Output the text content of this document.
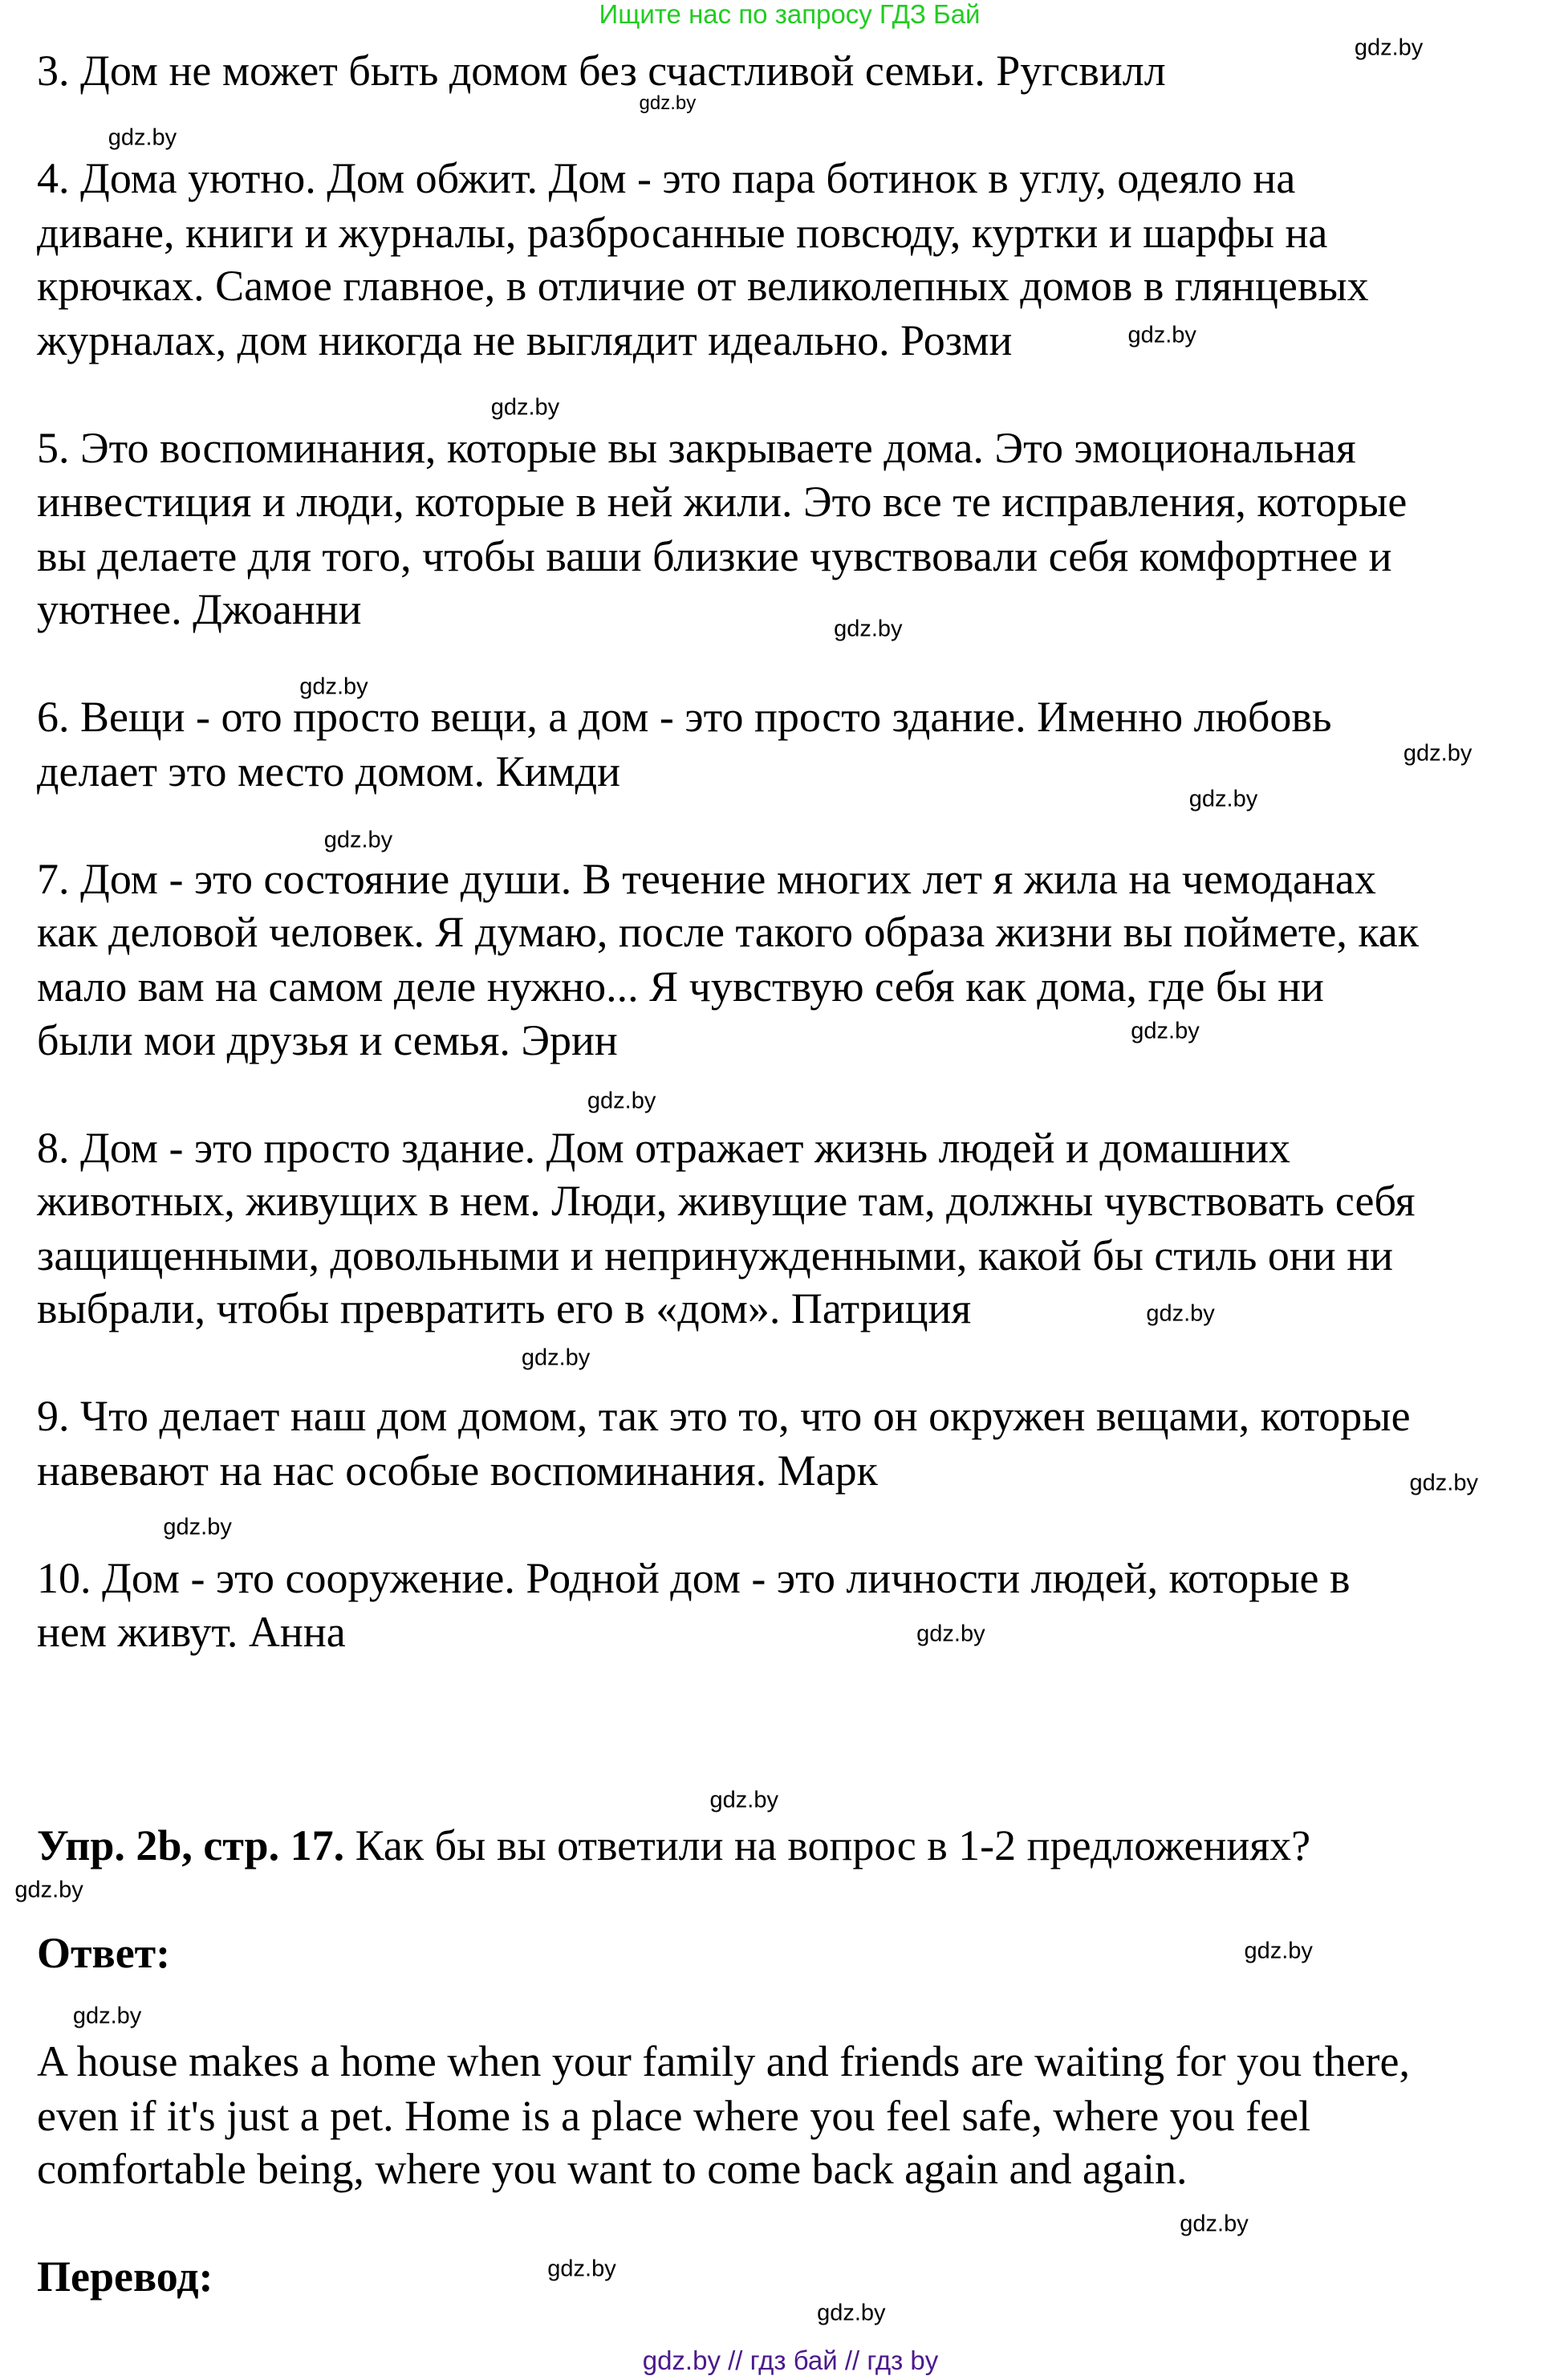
Ищите нас по запросу ГДЗ Бай
3. Дом не может быть домом без счастливой семьи. Ругсвилл
4. Дома уютно. Дом обжит. Дом - это пара ботинок в углу, одеяло на
диване, книги и журналы, разбросанные повсюду, куртки и шарфы на
крючках. Самое главное, в отличие от великолепных домов в глянцевых
журналах, дом никогда не выглядит идеально. Розми
5. Это воспоминания, которые вы закрываете дома. Это эмоциональная
инвестиция и люди, которые в ней жили. Это все те исправления, которые
вы делаете для того, чтобы ваши близкие чувствовали себя комфортнее и
уютнее. Джоанни
6. Вещи - ото просто вещи, а дом - это просто здание. Именно любовь
делает это место домом. Кимди
7. Дом - это состояние души. В течение многих лет я жила на чемоданах
как деловой человек. Я думаю, после такого образа жизни вы поймете, как
мало вам на самом деле нужно... Я чувствую себя как дома, где бы ни
были мои друзья и семья. Эрин
8. Дом - это просто здание. Дом отражает жизнь людей и домашних
животных, живущих в нем. Люди, живущие там, должны чувствовать себя
защищенными, довольными и непринужденными, какой бы стиль они ни
выбрали, чтобы превратить его в «дом». Патриция
9. Что делает наш дом домом, так это то, что он окружен вещами, которые
навевают на нас особые воспоминания. Марк
10. Дом - это сооружение. Родной дом - это личности людей, которые в
нем живут. Анна
Упр. 2b, стр. 17. Как бы вы ответили на вопрос в 1-2 предложениях?
Ответ:
A house makes a home when your family and friends are waiting for you there,
even if it's just a pet. Home is a place where you feel safe, where you feel
comfortable being, where you want to come back again and again.
Перевод:
gdz.by
gdz.by
gdz.by
gdz.by
gdz.by
gdz.by
gdz.by
gdz.by
gdz.by
gdz.by
gdz.by
gdz.by
gdz.by
gdz.by
gdz.by
gdz.by
gdz.by
gdz.by
gdz.by
gdz.by
gdz.by
gdz.by
gdz.by
gdz.by
gdz.by // гдз бай // гдз by
